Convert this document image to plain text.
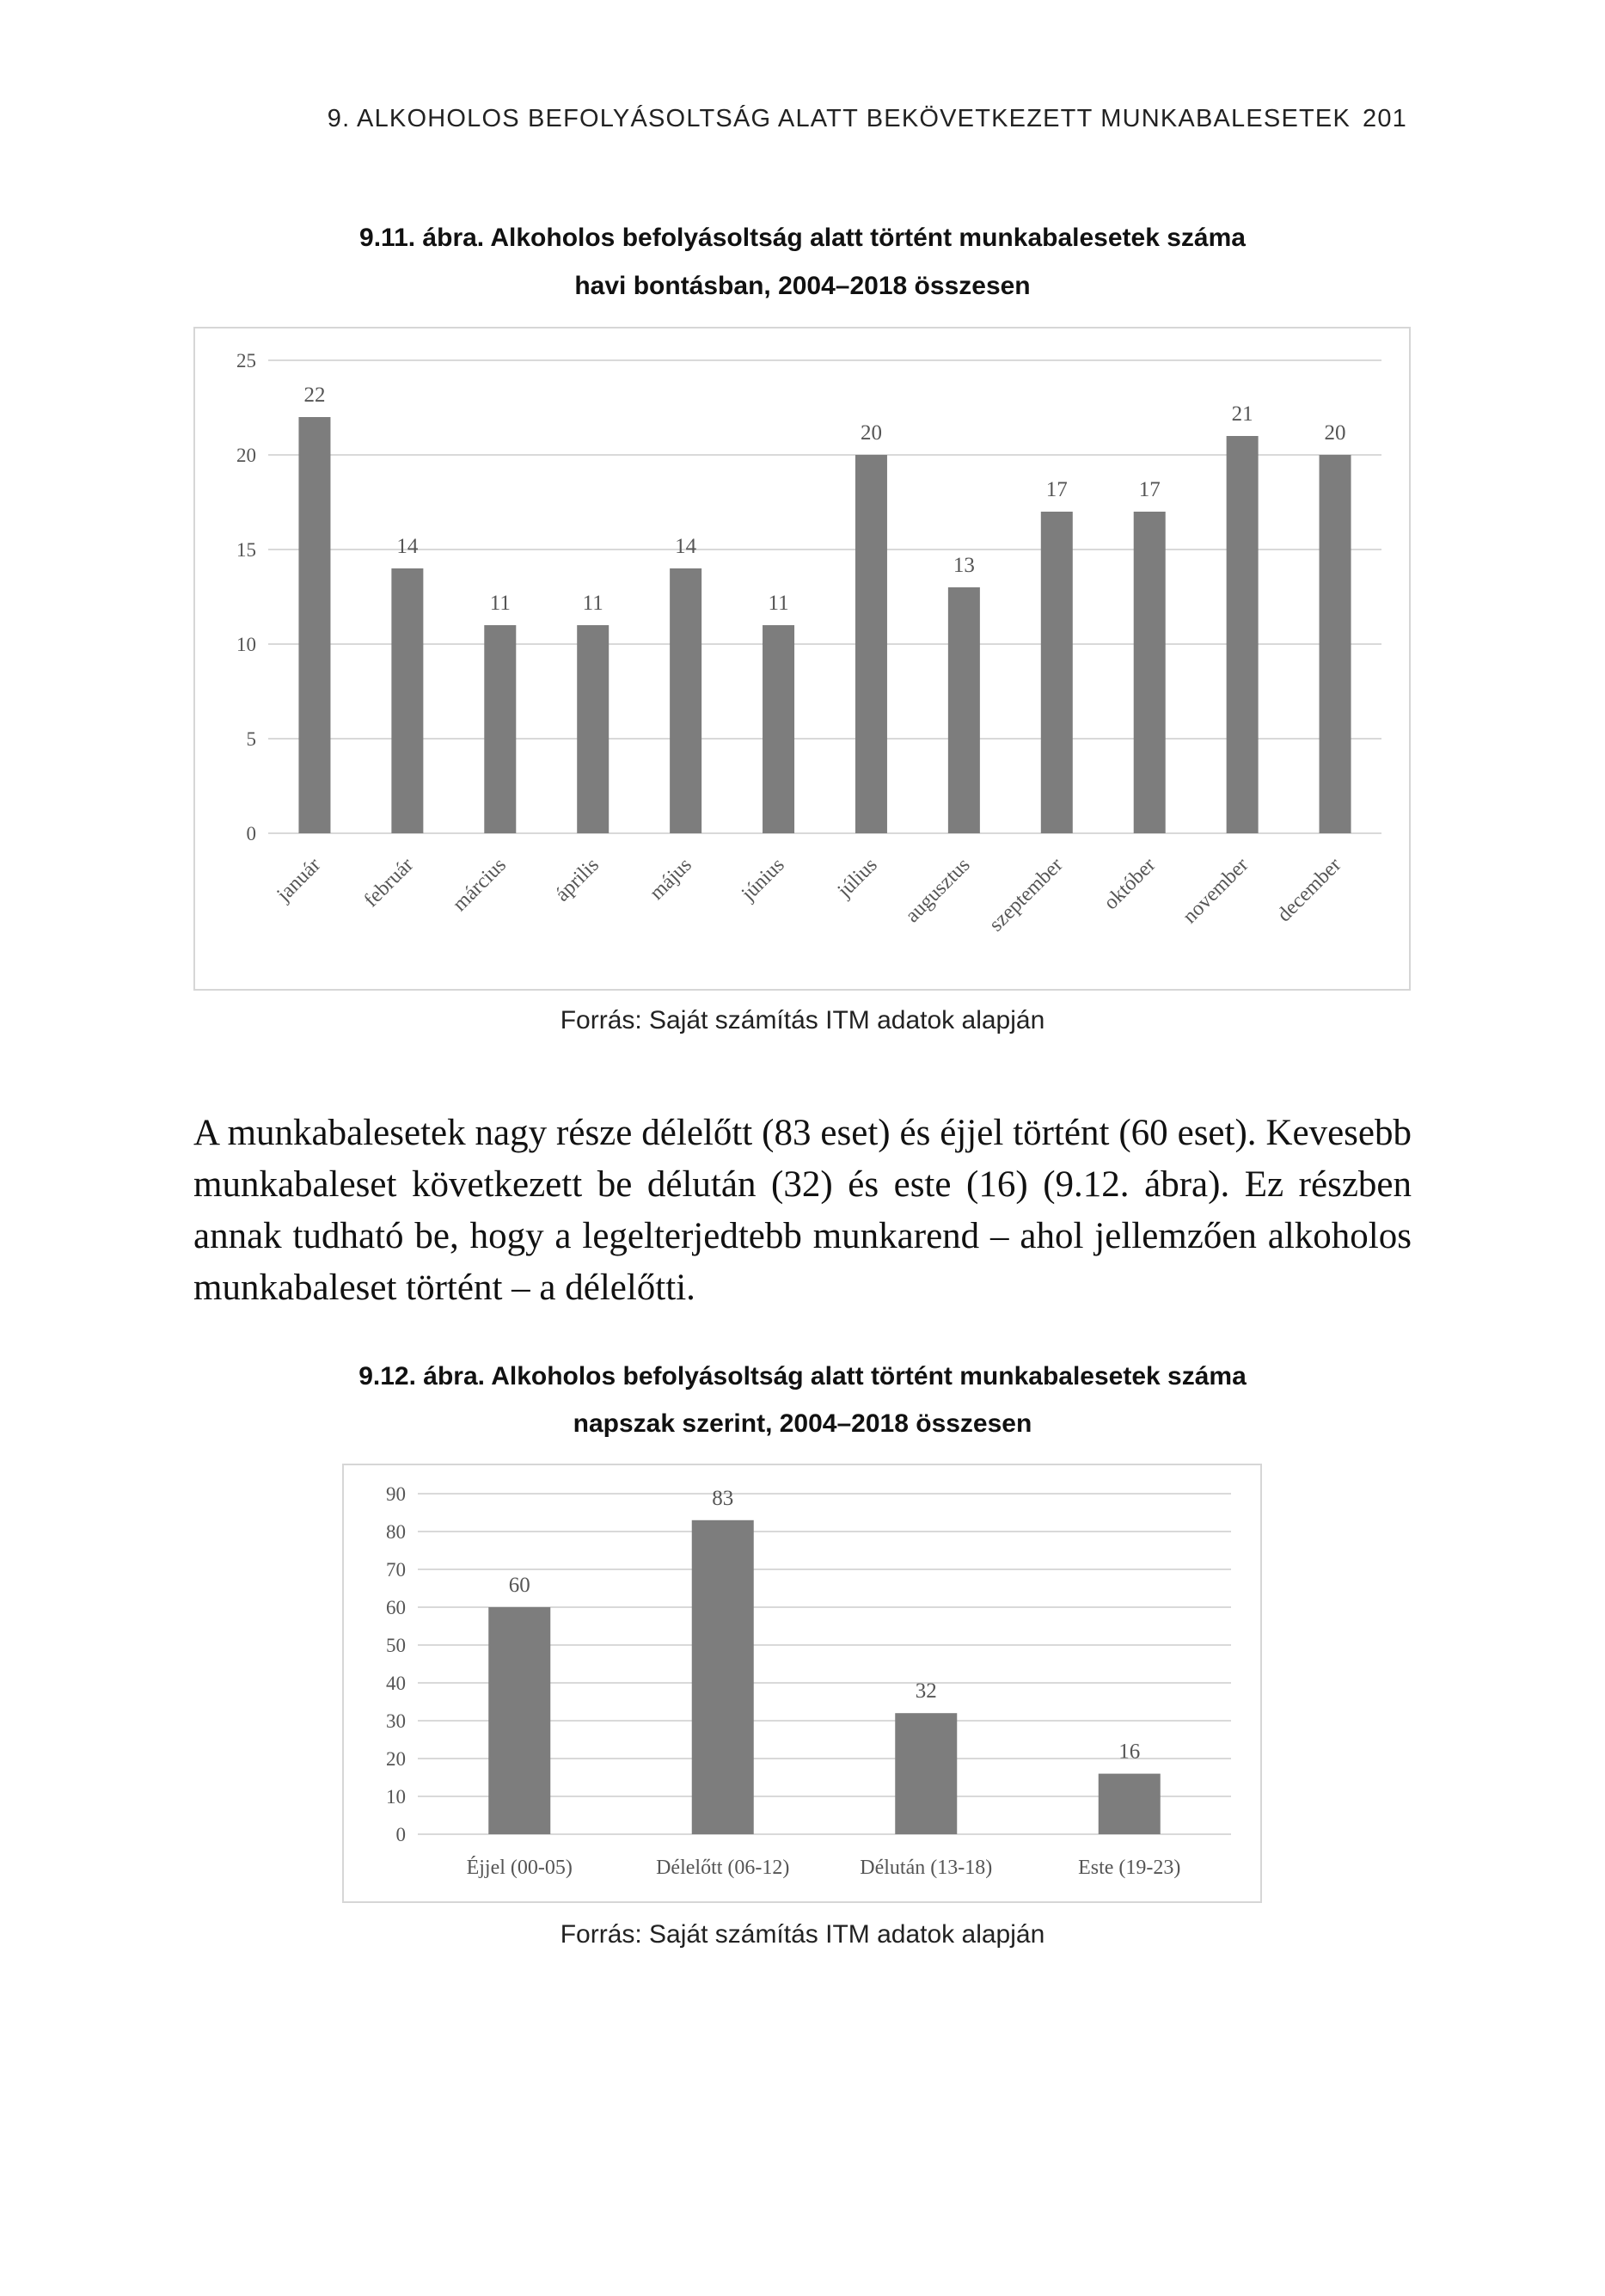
9. ALKOHOLOS BEFOLYÁSOLTSÁG ALATT BEKÖVETKEZETT MUNKABALESETEK 201
9.11. ábra. Alkoholos befolyásoltság alatt történt munkabalesetek száma
havi bontásban, 2004–2018 összesen
0
5
10
15
20
25
22
január
14
február
11
március
11
április
14
május
11
június
20
július
13
augusztus
17
szeptember
17
október
21
november
20
december
Forrás: Saját számítás ITM adatok alapján

A munkabalesetek nagy része délelőtt (83 eset) és éjjel történt (60 eset). Kevesebb munkabaleset következett be délután (32) és este (16) (9.12. ábra). Ez részben annak tudható be, hogy a legelterjedtebb munkarend – ahol jellemzően alkoholos munkabaleset történt – a délelőtti.

9.12. ábra. Alkoholos befolyásoltság alatt történt munkabalesetek száma
napszak szerint, 2004–2018 összesen
0
10
20
30
40
50
60
70
80
90
60
Éjjel (00-05)
83
Délelőtt (06-12)
32
Délután (13-18)
16
Este (19-23)
Forrás: Saját számítás ITM adatok alapján
